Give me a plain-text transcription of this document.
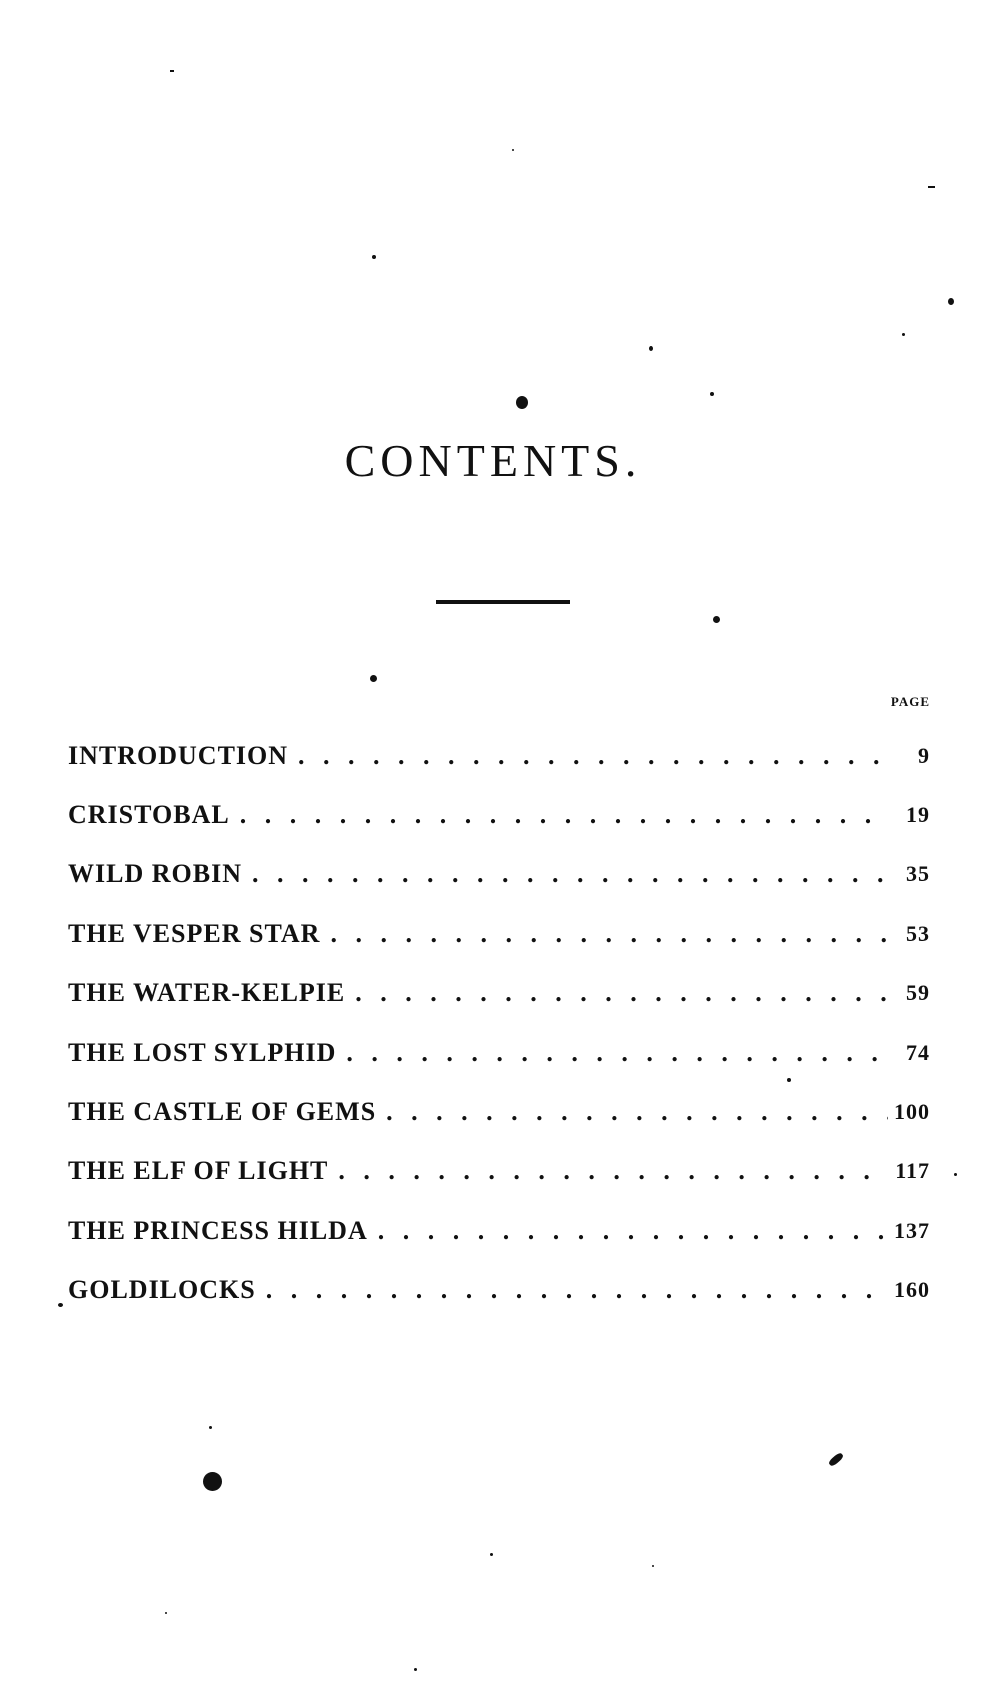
CONTENTS.
PAGE
INTRODUCTION . . .	9
CRISTOBAL . . .	19
WILD ROBIN . . .	35
THE VESPER STAR . . .	53
THE WATER-KELPIE . . .	59
THE LOST SYLPHID . . .	74
THE CASTLE OF GEMS . . .	100
THE ELF OF LIGHT . . .	117
THE PRINCESS HILDA . . .	137
GOLDILOCKS . . .	160
